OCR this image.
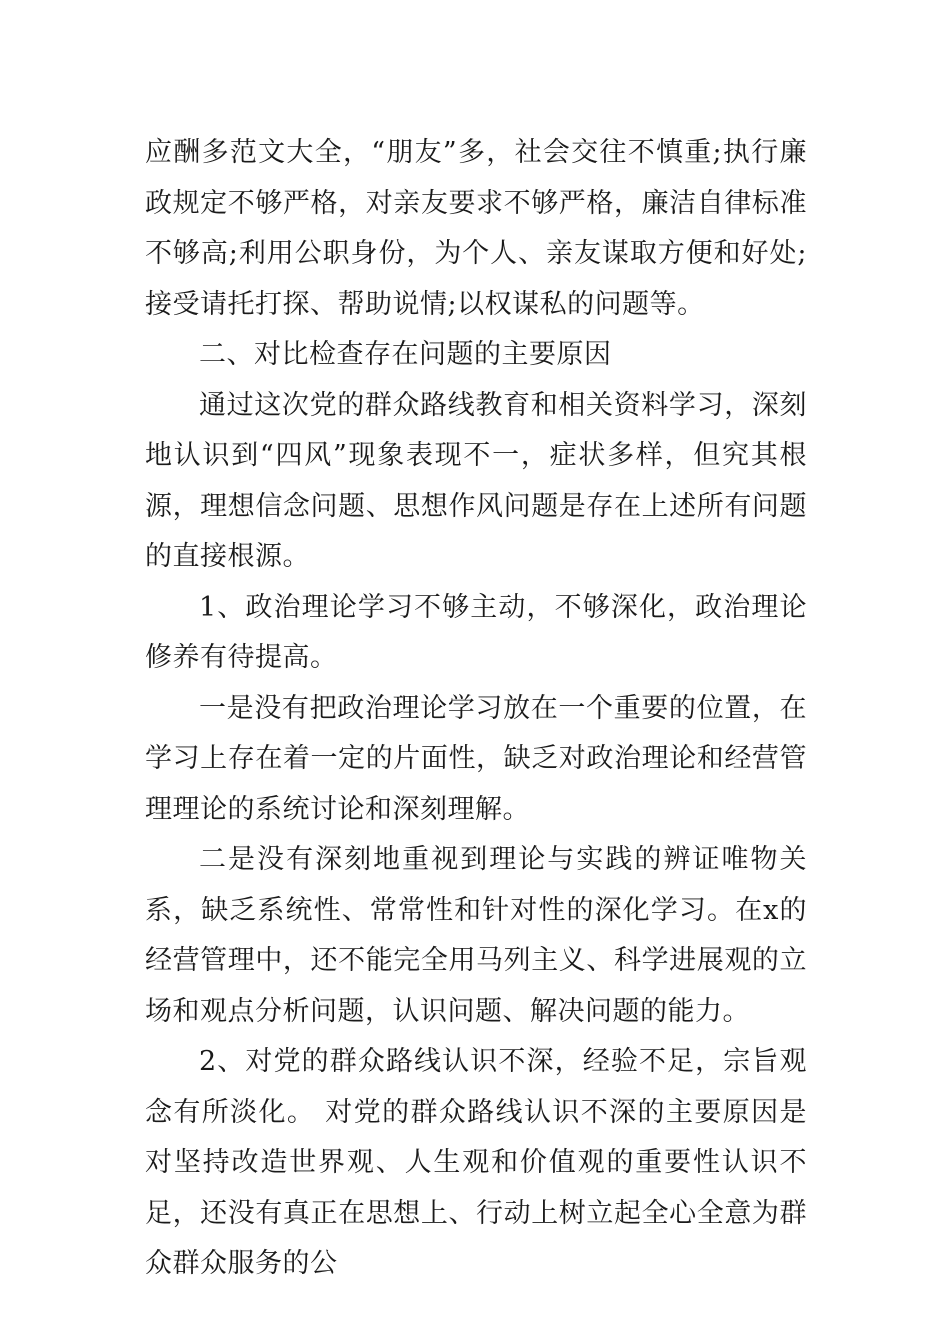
应酬多范文大全，“朋友”多，社会交往不慎重;执行廉政规定不够严格，对亲友要求不够严格，廉洁自律标准不够高;利用公职身份，为个人、亲友谋取方便和好处;接受请托打探、帮助说情;以权谋私的问题等。

二、对比检查存在问题的主要原因

通过这次党的群众路线教育和相关资料学习，深刻地认识到“四风”现象表现不一，症状多样，但究其根源，理想信念问题、思想作风问题是存在上述所有问题的直接根源。

1、政治理论学习不够主动，不够深化，政治理论修养有待提高。

一是没有把政治理论学习放在一个重要的位置，在学习上存在着一定的片面性，缺乏对政治理论和经营管理理论的系统讨论和深刻理解。

二是没有深刻地重视到理论与实践的辨证唯物关系，缺乏系统性、常常性和针对性的深化学习。在x的经营管理中，还不能完全用马列主义、科学进展观的立场和观点分析问题，认识问题、解决问题的能力。

2、对党的群众路线认识不深，经验不足，宗旨观念有所淡化。 对党的群众路线认识不深的主要原因是对坚持改造世界观、人生观和价值观的重要性认识不足，还没有真正在思想上、行动上树立起全心全意为群众群众服务的公
